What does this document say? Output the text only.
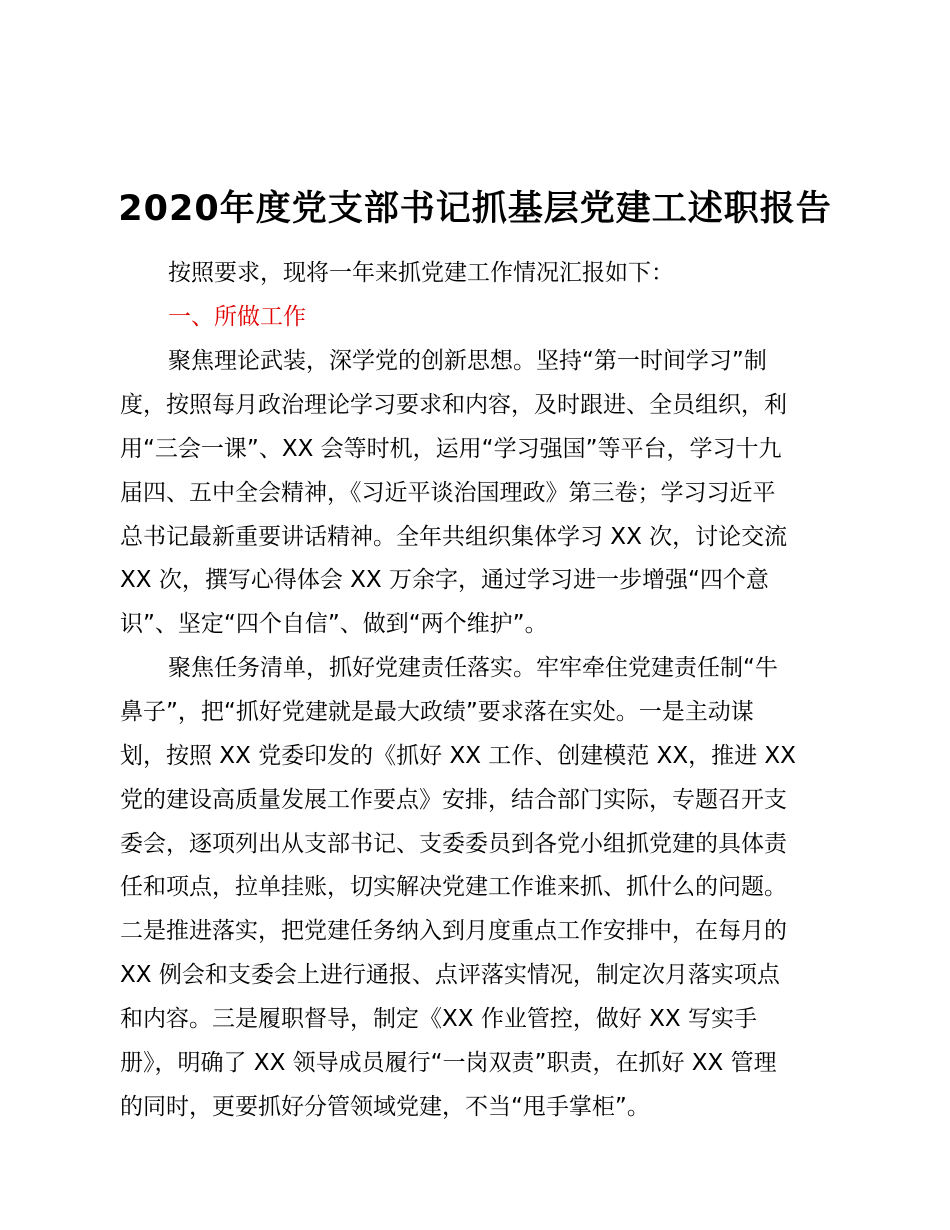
2020年度党支部书记抓基层党建工述职报告
按照要求，现将一年来抓党建工作情况汇报如下：
一、所做工作
聚焦理论武装，深学党的创新思想。坚持“第一时间学习”制
度，按照每月政治理论学习要求和内容，及时跟进、全员组织，利
用“三会一课”、XX 会等时机，运用“学习强国”等平台，学习十九
届四、五中全会精神，《习近平谈治国理政》第三卷；学习习近平
总书记最新重要讲话精神。全年共组织集体学习 XX 次，讨论交流
XX 次，撰写心得体会 XX 万余字，通过学习进一步增强“四个意
识”、坚定“四个自信”、做到“两个维护”。
聚焦任务清单，抓好党建责任落实。牢牢牵住党建责任制“牛
鼻子”，把“抓好党建就是最大政绩”要求落在实处。一是主动谋
划，按照 XX 党委印发的《抓好 XX 工作、创建模范 XX，推进 XX
党的建设高质量发展工作要点》安排，结合部门实际，专题召开支
委会，逐项列出从支部书记、支委委员到各党小组抓党建的具体责
任和项点，拉单挂账，切实解决党建工作谁来抓、抓什么的问题。
二是推进落实，把党建任务纳入到月度重点工作安排中，在每月的
XX 例会和支委会上进行通报、点评落实情况，制定次月落实项点
和内容。三是履职督导，制定《XX 作业管控，做好 XX 写实手
册》，明确了 XX 领导成员履行“一岗双责”职责，在抓好 XX 管理
的同时，更要抓好分管领域党建，不当“甩手掌柜”。
